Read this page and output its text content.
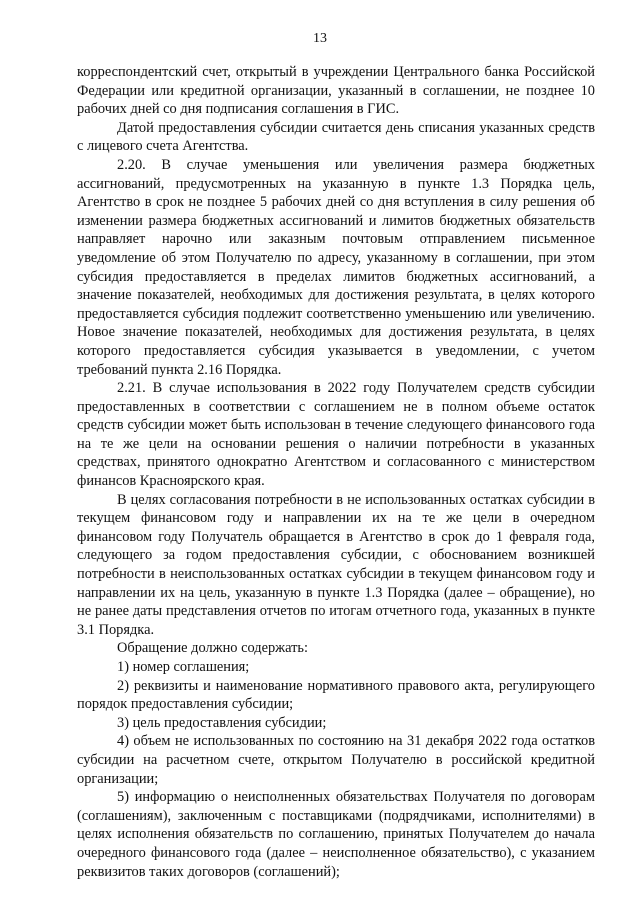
13

корреспондентский счет, открытый в учреждении Центрального банка Российской Федерации или кредитной организации, указанный в соглашении, не позднее 10 рабочих дней со дня подписания соглашения в ГИС.

Датой предоставления субсидии считается день списания указанных средств с лицевого счета Агентства.

2.20. В случае уменьшения или увеличения размера бюджетных ассигнований, предусмотренных на указанную в пункте 1.3 Порядка цель, Агентство в срок не позднее 5 рабочих дней со дня вступления в силу решения об изменении размера бюджетных ассигнований и лимитов бюджетных обязательств направляет нарочно или заказным почтовым отправлением письменное уведомление об этом Получателю по адресу, указанному в соглашении, при этом субсидия предоставляется в пределах лимитов бюджетных ассигнований, а значение показателей, необходимых для достижения результата, в целях которого предоставляется субсидия подлежит соответственно уменьшению или увеличению. Новое значение показателей, необходимых для достижения результата, в целях которого предоставляется субсидия указывается в уведомлении, с учетом требований пункта 2.16 Порядка.

2.21. В случае использования в 2022 году Получателем средств субсидии предоставленных в соответствии с соглашением не в полном объеме остаток средств субсидии может быть использован в течение следующего финансового года на те же цели на основании решения о наличии потребности в указанных средствах, принятого однократно Агентством и согласованного с министерством финансов Красноярского края.

В целях согласования потребности в не использованных остатках субсидии в текущем финансовом году и направлении их на те же цели в очередном финансовом году Получатель обращается в Агентство в срок до 1 февраля года, следующего за годом предоставления субсидии, с обоснованием возникшей потребности в неиспользованных остатках субсидии в текущем финансовом году и направлении их на цель, указанную в пункте 1.3 Порядка (далее – обращение), но не ранее даты представления отчетов по итогам отчетного года, указанных в пункте 3.1 Порядка.

Обращение должно содержать:

1) номер соглашения;

2) реквизиты и наименование нормативного правового акта, регулирующего порядок предоставления субсидии;

3) цель предоставления субсидии;

4) объем не использованных по состоянию на 31 декабря 2022 года остатков субсидии на расчетном счете, открытом Получателю в российской кредитной организации;

5) информацию о неисполненных обязательствах Получателя по договорам (соглашениям), заключенным с поставщиками (подрядчиками, исполнителями) в целях исполнения обязательств по соглашению, принятых Получателем до начала очередного финансового года (далее – неисполненное обязательство), с указанием реквизитов таких договоров (соглашений);
